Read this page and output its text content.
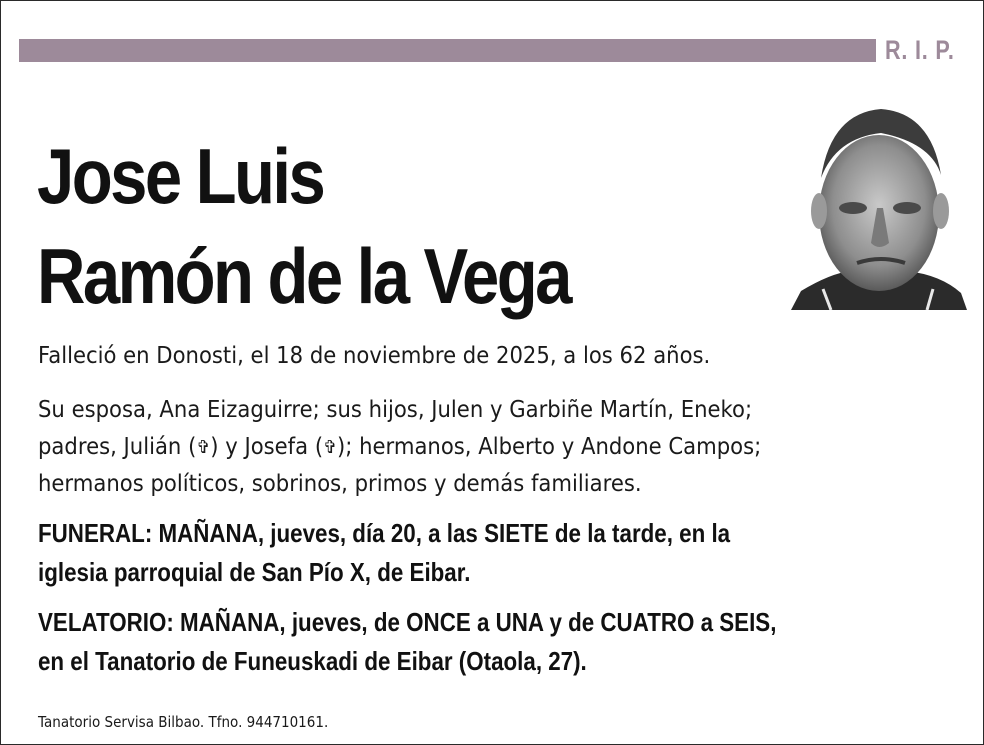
R. I. P.
Jose Luis
Ramón de la Vega
Falleció en Donosti, el 18 de noviembre de 2025, a los 62 años.
Su esposa, Ana Eizaguirre; sus hijos, Julen y Garbiñe Martín, Eneko;
padres, Julián (✞) y Josefa (✞); hermanos, Alberto y Andone Campos;
hermanos políticos, sobrinos, primos y demás familiares.
FUNERAL: MAÑANA, jueves, día 20, a las SIETE de la tarde, en la
iglesia parroquial de San Pío X, de Eibar.
VELATORIO: MAÑANA, jueves, de ONCE a UNA y de CUATRO a SEIS,
en el Tanatorio de Funeuskadi de Eibar (Otaola, 27).
Tanatorio Servisa Bilbao. Tfno. 944710161.
